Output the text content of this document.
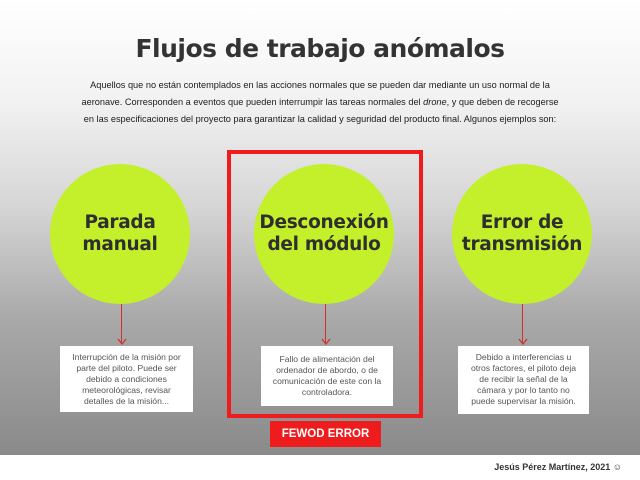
Flujos de trabajo anómalos
Aquellos que no están contemplados en las acciones normales que se pueden dar mediante un uso normal de la aeronave. Corresponden a eventos que pueden interrumpir las tareas normales del drone, y que deben de recogerse en las especificaciones del proyecto para garantizar la calidad y seguridad del producto final. Algunos ejemplos son:
Parada manual
Interrupción de la misión por parte del piloto. Puede ser debido a condiciones meteorológicas, revisar detalles de la misión...
Desconexión del módulo
Fallo de alimentación del ordenador de abordo, o de comunicación de este con la controladora.
Error de transmisión
Debido a interferencias u otros factores, el piloto deja de recibir la señal de la cámara y por lo tanto no puede supervisar la misión.
FEWOD ERROR
Jesús Pérez Martínez, 2021 ☺
